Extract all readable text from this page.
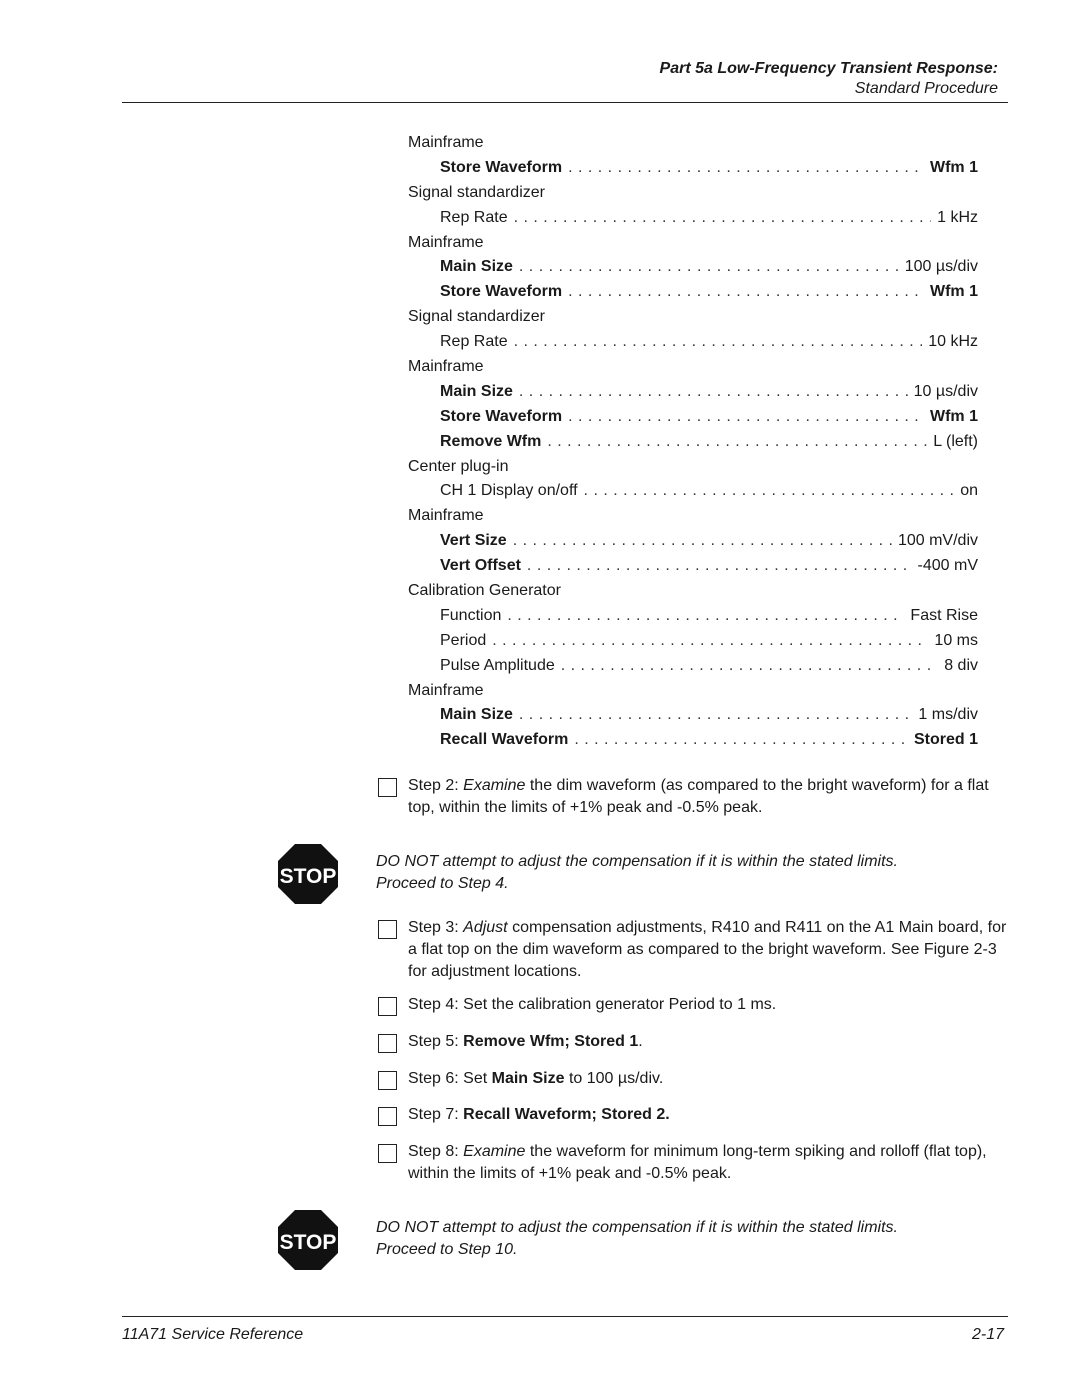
Part 5a Low-Frequency Transient Response:
Standard Procedure
Mainframe
Store Waveform . . .	Wfm 1
Signal standardizer
Rep Rate . . .	1 kHz
Mainframe
Main Size . . .	100 µs/div
Store Waveform . . .	Wfm 1
Signal standardizer
Rep Rate . . .	10 kHz
Mainframe
Main Size . . .	10 µs/div
Store Waveform . . .	Wfm 1
Remove Wfm . . .	L (left)
Center plug-in
CH 1 Display on/off . . .	on
Mainframe
Vert Size . . .	100 mV/div
Vert Offset . . .	-400 mV
Calibration Generator
Function . . .	Fast Rise
Period . . .	10 ms
Pulse Amplitude . . .	8 div
Mainframe
Main Size . . .	1 ms/div
Recall Waveform . . .	Stored 1
Step 2: Examine the dim waveform (as compared to the bright waveform) for a flat top, within the limits of +1% peak and -0.5% peak.
Step 3: Adjust compensation adjustments, R410 and R411 on the A1 Main board, for a flat top on the dim waveform as compared to the bright waveform. See Figure 2-3 for adjustment locations.
Step 4: Set the calibration generator Period to 1 ms.
Step 5: Remove Wfm; Stored 1.
Step 6: Set Main Size to 100 µs/div.
Step 7: Recall Waveform; Stored 2.
Step 8: Examine the waveform for minimum long-term spiking and rolloff (flat top), within the limits of +1% peak and -0.5% peak.
STOP
DO NOT attempt to adjust the compensation if it is within the stated limits. Proceed to Step 4.
STOP
DO NOT attempt to adjust the compensation if it is within the stated limits. Proceed to Step 10.
11A71 Service Reference	2-17
